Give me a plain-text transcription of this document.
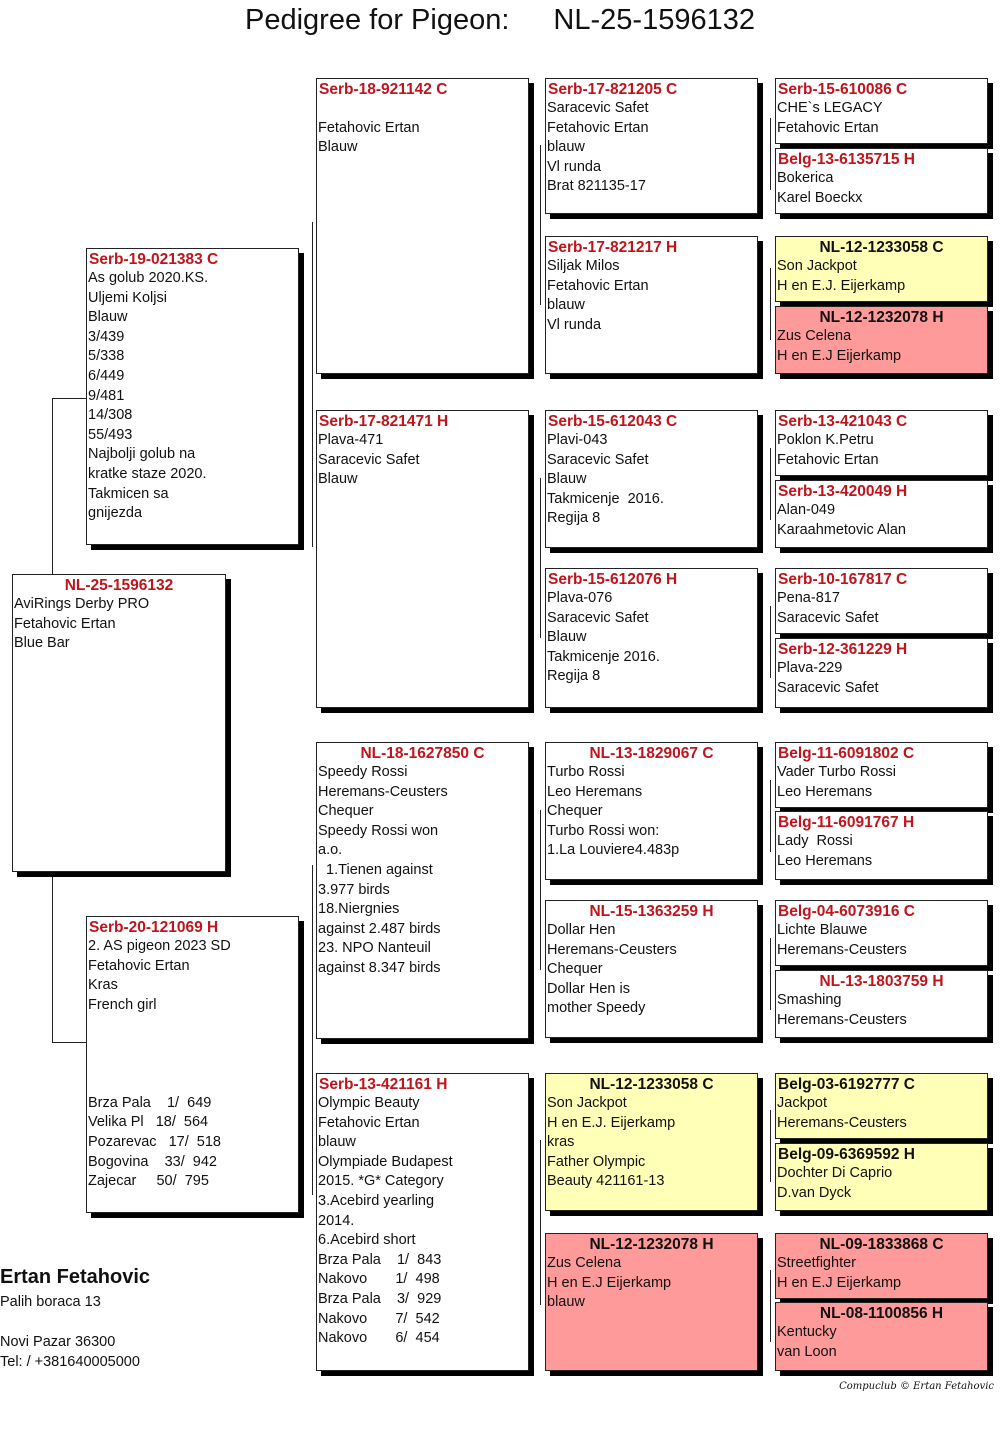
Pedigree for Pigeon: NL-25-1596132
NL-25-1596132
AviRings Derby PRO
Fetahovic Ertan
Blue Bar
Serb-19-021383 C
As golub 2020.KS.
Uljemi Koljsi
Blauw
3/439
5/338
6/449
9/481
14/308
55/493
Najbolji golub na
kratke staze 2020.
Takmicen sa
gnijezda
Serb-20-121069 H
2. AS pigeon 2023 SD
Fetahovic Ertan
Kras
French girl
Brza Pala    1/  649
Velika Pl   18/  564
Pozarevac   17/  518
Bogovina    33/  942
Zajecar     50/  795
Serb-18-921142 C
Fetahovic Ertan
Blauw
Serb-17-821471 H
Plava-471
Saracevic Safet
Blauw
NL-18-1627850 C
Speedy Rossi
Heremans-Ceusters
Chequer
Speedy Rossi won
a.o.
1.Tienen against
3.977 birds
18.Niergnies
against 2.487 birds
23. NPO Nanteuil
against 8.347 birds
Serb-13-421161 H
Olympic Beauty
Fetahovic Ertan
blauw
Olympiade Budapest
2015. *G* Category
3.Acebird yearling
2014.
6.Acebird short
Brza Pala    1/  843
Nakovo       1/  498
Brza Pala    3/  929
Nakovo       7/  542
Nakovo       6/  454
Serb-17-821205 C
Saracevic Safet
Fetahovic Ertan
blauw
Vl runda
Brat 821135-17
Serb-17-821217 H
Siljak Milos
Fetahovic Ertan
blauw
Vl runda
Serb-15-612043 C
Plavi-043
Saracevic Safet
Blauw
Takmicenje  2016.
Regija 8
Serb-15-612076 H
Plava-076
Saracevic Safet
Blauw
Takmicenje 2016.
Regija 8
NL-13-1829067 C
Turbo Rossi
Leo Heremans
Chequer
Turbo Rossi won:
1.La Louviere4.483p
NL-15-1363259 H
Dollar Hen
Heremans-Ceusters
Chequer
Dollar Hen is
mother Speedy
NL-12-1233058 C
Son Jackpot
H en E.J. Eijerkamp
kras
Father Olympic
Beauty 421161-13
NL-12-1232078 H
Zus Celena
H en E.J Eijerkamp
blauw
Serb-15-610086 C
CHE`s LEGACY
Fetahovic Ertan
Belg-13-6135715 H
Bokerica
Karel Boeckx
NL-12-1233058 C
Son Jackpot
H en E.J. Eijerkamp
NL-12-1232078 H
Zus Celena
H en E.J Eijerkamp
Serb-13-421043 C
Poklon K.Petru
Fetahovic Ertan
Serb-13-420049 H
Alan-049
Karaahmetovic Alan
Serb-10-167817 C
Pena-817
Saracevic Safet
Serb-12-361229 H
Plava-229
Saracevic Safet
Belg-11-6091802 C
Vader Turbo Rossi
Leo Heremans
Belg-11-6091767 H
Lady  Rossi
Leo Heremans
Belg-04-6073916 C
Lichte Blauwe
Heremans-Ceusters
NL-13-1803759 H
Smashing
Heremans-Ceusters
Belg-03-6192777 C
Jackpot
Heremans-Ceusters
Belg-09-6369592 H
Dochter Di Caprio
D.van Dyck
NL-09-1833868 C
Streetfighter
H en E.J Eijerkamp
NL-08-1100856 H
Kentucky
van Loon
Ertan Fetahovic
Palih boraca 13
Novi Pazar 36300
Tel: / +381640005000
Compuclub © Ertan Fetahovic
